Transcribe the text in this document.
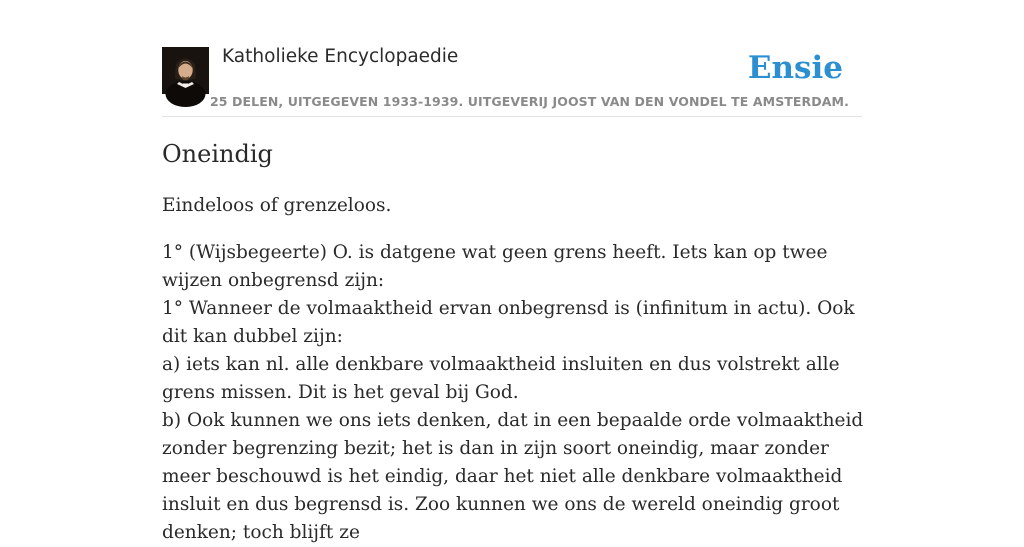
Katholieke Encyclopaedie
25 DELEN, UITGEGEVEN 1933-1939. UITGEVERIJ JOOST VAN DEN VONDEL TE AMSTERDAM.
Ensie
Oneindig

Eindeloos of grenzeloos.

1° (Wijsbegeerte) O. is datgene wat geen grens heeft. Iets kan op twee wijzen onbegrensd zijn:
1° Wanneer de volmaaktheid ervan onbegrensd is (infinitum in actu). Ook dit kan dubbel zijn:
a) iets kan nl. alle denkbare volmaaktheid insluiten en dus volstrekt alle grens missen. Dit is het geval bij God.
b) Ook kunnen we ons iets denken, dat in een bepaalde orde volmaaktheid zonder begrenzing bezit; het is dan in zijn soort oneindig, maar zonder meer beschouwd is het eindig, daar het niet alle denkbare volmaaktheid insluit en dus begrensd is. Zoo kunnen we ons de wereld oneindig groot denken; toch blijft ze
